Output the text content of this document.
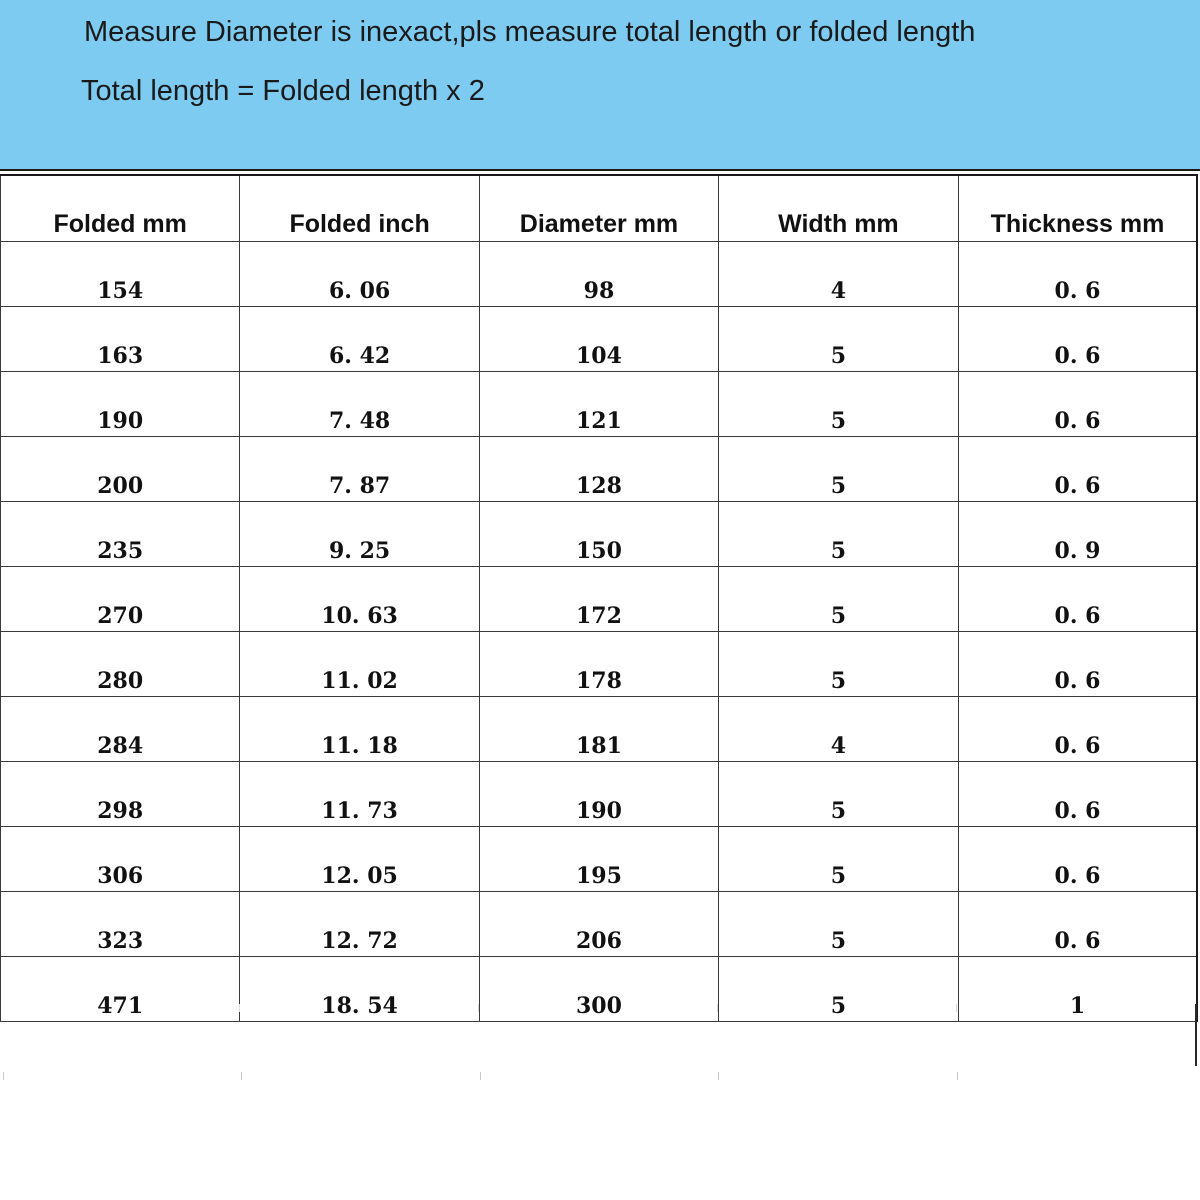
Measure Diameter is inexact,pls measure total length or folded length
Total length = Folded length x 2
Folded mm	Folded inch	Diameter mm	Width mm	Thickness mm
154	6. 06	98	4	0. 6
163	6. 42	104	5	0. 6
190	7. 48	121	5	0. 6
200	7. 87	128	5	0. 6
235	9. 25	150	5	0. 9
270	10. 63	172	5	0. 6
280	11. 02	178	5	0. 6
284	11. 18	181	4	0. 6
298	11. 73	190	5	0. 6
306	12. 05	195	5	0. 6
323	12. 72	206	5	0. 6
471	18. 54	300	5	1
